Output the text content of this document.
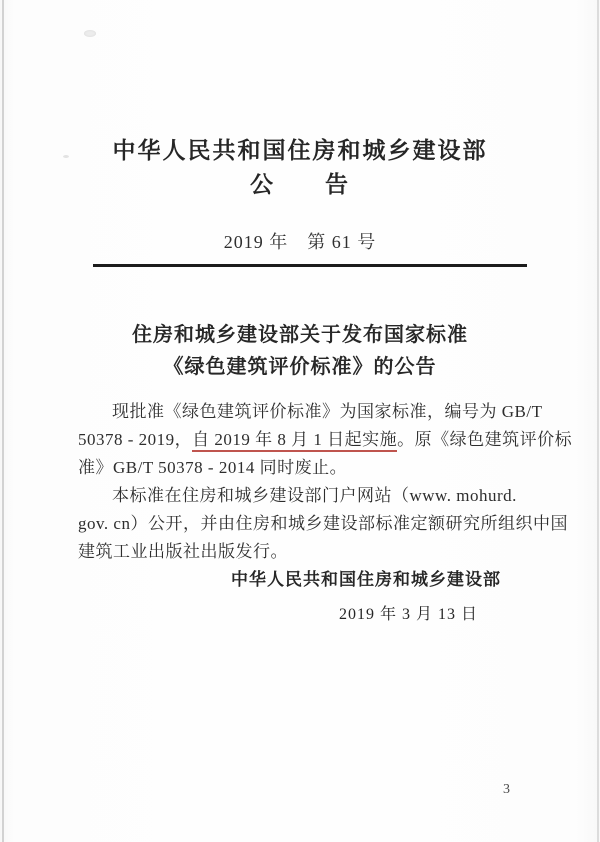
中华人民共和国住房和城乡建设部
公　　告
2019 年　第 61 号
住房和城乡建设部关于发布国家标准
《绿色建筑评价标准》的公告
现批准《绿色建筑评价标准》为国家标准，编号为 GB/T
50378 - 2019，自 2019 年 8 月 1 日起实施。原《绿色建筑评价标
准》GB/T 50378 - 2014 同时废止。
本标准在住房和城乡建设部门户网站（www. mohurd.
gov. cn）公开，并由住房和城乡建设部标准定额研究所组织中国
建筑工业出版社出版发行。
中华人民共和国住房和城乡建设部
2019 年 3 月 13 日
3
